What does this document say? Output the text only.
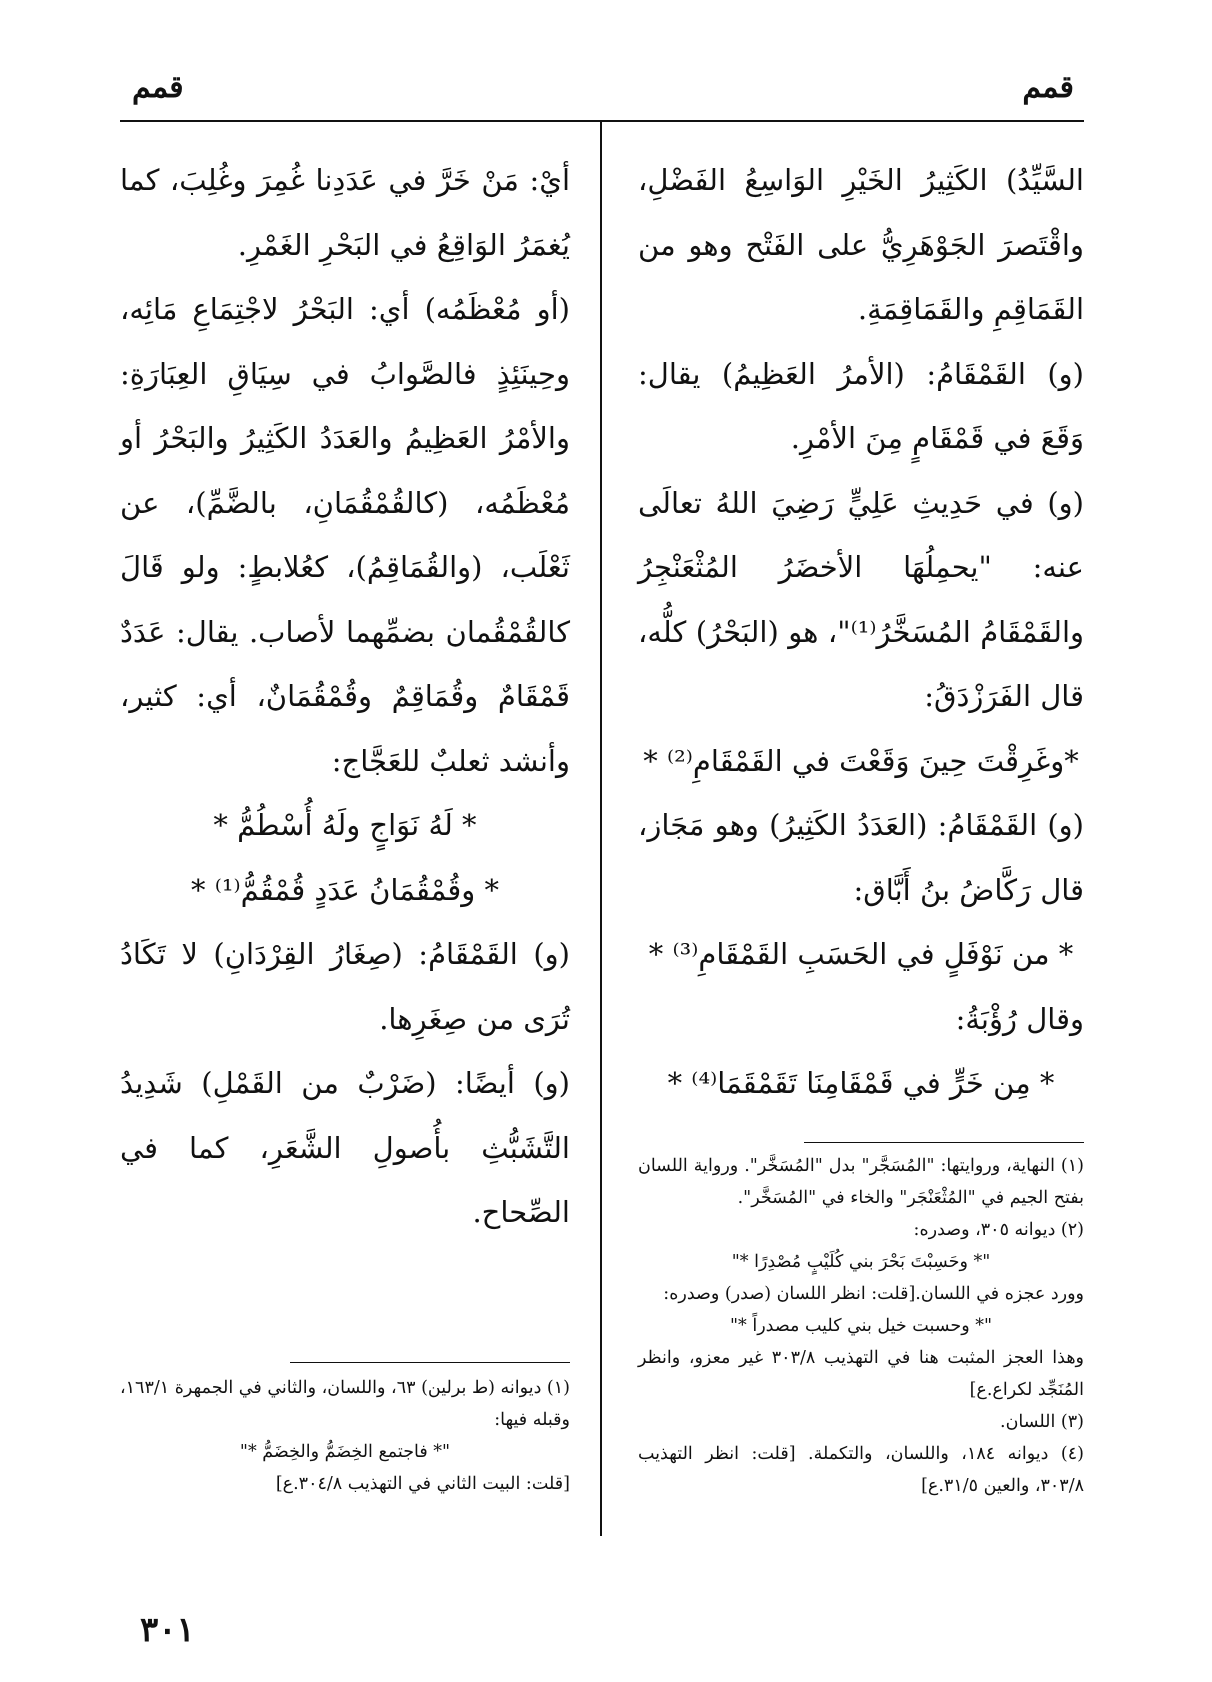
قمم
قمم

السَّيِّدُ) الكَثِيرُ الخَيْرِ الوَاسِعُ الفَضْلِ، واقْتَصرَ الجَوْهَرِيُّ على الفَتْح وهو من القَمَاقِمِ والقَمَاقِمَةِ.

(و) القَمْقَامُ: (الأمرُ العَظِيمُ) يقال: وَقَعَ في قَمْقَامٍ مِنَ الأمْرِ.

(و) في حَدِيثِ عَلِيٍّ رَضِيَ اللهُ تعالَى عنه: "يحمِلُهَا الأخضَرُ المُثْعَنْجِرُ والقَمْقَامُ المُسَخَّرُ⁽¹⁾"، هو (البَحْرُ) كلُّه، قال الفَرَزْدَقُ:

*وغَرِقْتَ حِينَ وَقَعْتَ في القَمْقَامِ⁽²⁾ *

(و) القَمْقَامُ: (العَدَدُ الكَثِيرُ) وهو مَجَاز، قال رَكَّاضُ بنُ أَبَّاق:

* من نَوْفَلٍ في الحَسَبِ القَمْقَامِ⁽³⁾ *

وقال رُؤْبَةُ:

* مِن خَرٍّ في قَمْقَامِنَا تَقَمْقَمَا⁽⁴⁾ *

أيْ: مَنْ خَرَّ في عَدَدِنا غُمِرَ وغُلِبَ، كما يُغمَرُ الوَاقِعُ في البَحْرِ الغَمْرِ.

(أو مُعْظَمُه) أي: البَحْرُ لاجْتِمَاعِ مَائِه، وحِينَئِذٍ فالصَّوابُ في سِيَاقِ العِبَارَةِ: والأمْرُ العَظِيمُ والعَدَدُ الكَثِيرُ والبَحْرُ أو مُعْظَمُه، (كالقُمْقُمَانِ، بالضَّمِّ)، عن ثَعْلَب، (والقُمَاقِمُ)، كعُلابطٍ: ولو قَالَ كالقُمْقُمان بضمِّهما لأصاب. يقال: عَدَدٌ قَمْقَامٌ وقُمَاقِمٌ وقُمْقُمَانٌ، أي: كثير، وأنشد ثعلبٌ للعَجَّاج:

* لَهُ نَوَاجٍ ولَهُ أُسْطُمُّ *

* وقُمْقُمَانُ عَدَدٍ قُمْقُمُّ⁽¹⁾ *

(و) القَمْقَامُ: (صِغَارُ القِرْدَانِ) لا تَكَادُ تُرَى من صِغَرِها.

(و) أيضًا: (ضَرْبٌ من القَمْلِ) شَدِيدُ التَّشَبُّثِ بأُصولِ الشَّعَرِ، كما في الصِّحاح.

(١) النهاية، وروايتها: "المُسَجَّر" بدل "المُسَخَّر". ورواية اللسان بفتح الجيم في "المُثْعَنْجَر" والخاء في "المُسَخَّر".

(٢) ديوانه ٣٠٥، وصدره:

"* وحَسِبْتَ بَحْرَ بني كُلَيْبٍ مُصْدِرًا *"

وورد عجزه في اللسان.[قلت: انظر اللسان (صدر) وصدره:

"* وحسبت خيل بني كليب مصدراً *"

وهذا العجز المثبت هنا في التهذيب ٣٠٣/٨ غير معزو، وانظر المُنَجِّد لكراع.ع]

(٣) اللسان.

(٤) ديوانه ١٨٤، واللسان، والتكملة. [قلت: انظر التهذيب ٣٠٣/٨، والعين ٣١/٥.ع]

(١) ديوانه (ط برلين) ٦٣، واللسان، والثاني في الجمهرة ١٦٣/١، وقبله فيها:

"* فاجتمع الخِضَمُّ والخِضَمُّ *"

[قلت: البيت الثاني في التهذيب ٣٠٤/٨.ع]

٣٠١
